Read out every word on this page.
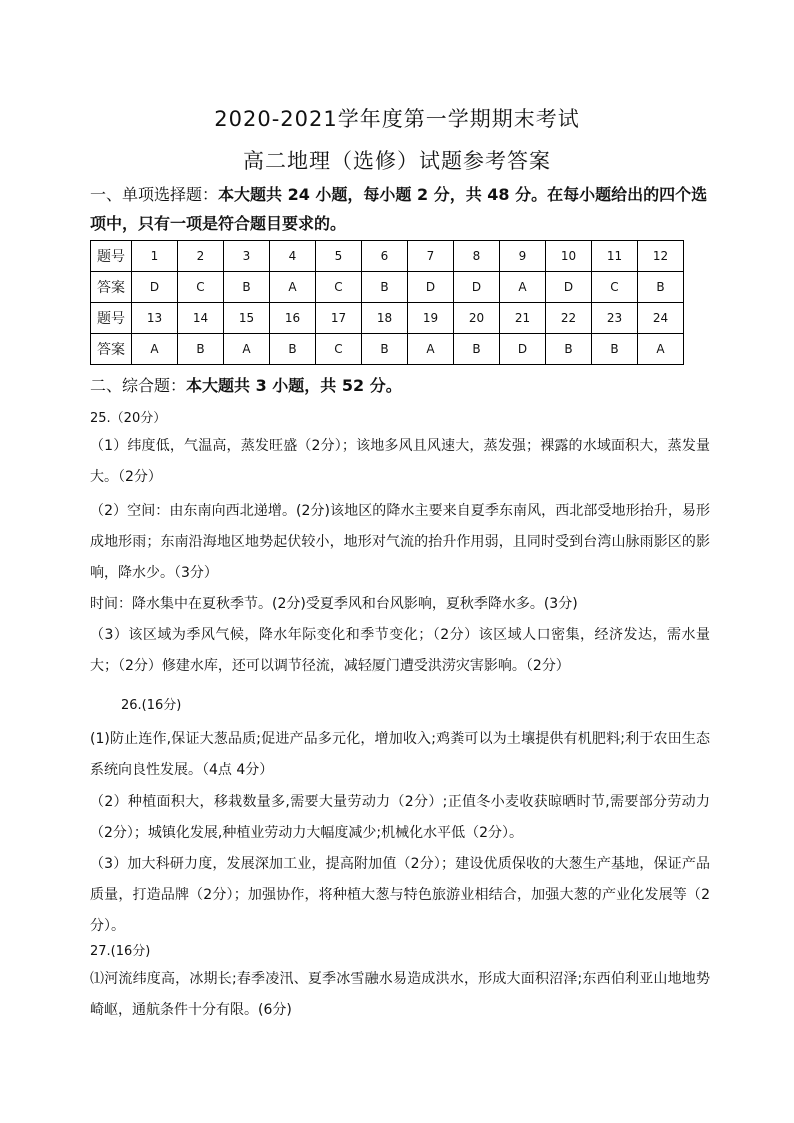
2020-2021学年度第一学期期末考试
高二地理（选修）试题参考答案

一、单项选择题：本大题共 24 小题，每小题 2 分，共 48 分。在每小题给出的四个选项中，只有一项是符合题目要求的。

题号	1	2	3	4	5	6	7	8	9	10	11	12
答案	D	C	B	A	C	B	D	D	A	D	C	B
题号	13	14	15	16	17	18	19	20	21	22	23	24
答案	A	B	A	B	C	B	A	B	D	B	B	A

二、综合题：本大题共 3 小题，共 52 分。

25.（20分）

（1）纬度低，气温高，蒸发旺盛（2分）；该地多风且风速大，蒸发强；裸露的水域面积大，蒸发量大。（2分）

（2）空间：由东南向西北递增。(2分)该地区的降水主要来自夏季东南风，西北部受地形抬升，易形成地形雨；东南沿海地区地势起伏较小，地形对气流的抬升作用弱，且同时受到台湾山脉雨影区的影响，降水少。（3分）

时间：降水集中在夏秋季节。(2分)受夏季风和台风影响，夏秋季降水多。(3分)

（3）该区域为季风气候，降水年际变化和季节变化；（2分）该区域人口密集，经济发达，需水量大；（2分）修建水库，还可以调节径流，减轻厦门遭受洪涝灾害影响。（2分）

26.(16分)

(1)防止连作,保证大葱品质;促进产品多元化，增加收入;鸡粪可以为土壤提供有机肥料;利于农田生态系统向良性发展。（4点 4分）

（2）种植面积大，移栽数量多,需要大量劳动力（2分）;正值冬小麦收获晾晒时节,需要部分劳动力（2分）；城镇化发展,种植业劳动力大幅度减少;机械化水平低（2分）。

（3）加大科研力度，发展深加工业，提高附加值（2分）；建设优质保收的大葱生产基地，保证产品质量，打造品牌（2分）；加强协作，将种植大葱与特色旅游业相结合，加强大葱的产业化发展等（2分）。

27.(16分)

⑴河流纬度高，冰期长;春季凌汛、夏季冰雪融水易造成洪水，形成大面积沼泽;东西伯利亚山地地势崎岖，通航条件十分有限。(6分)
